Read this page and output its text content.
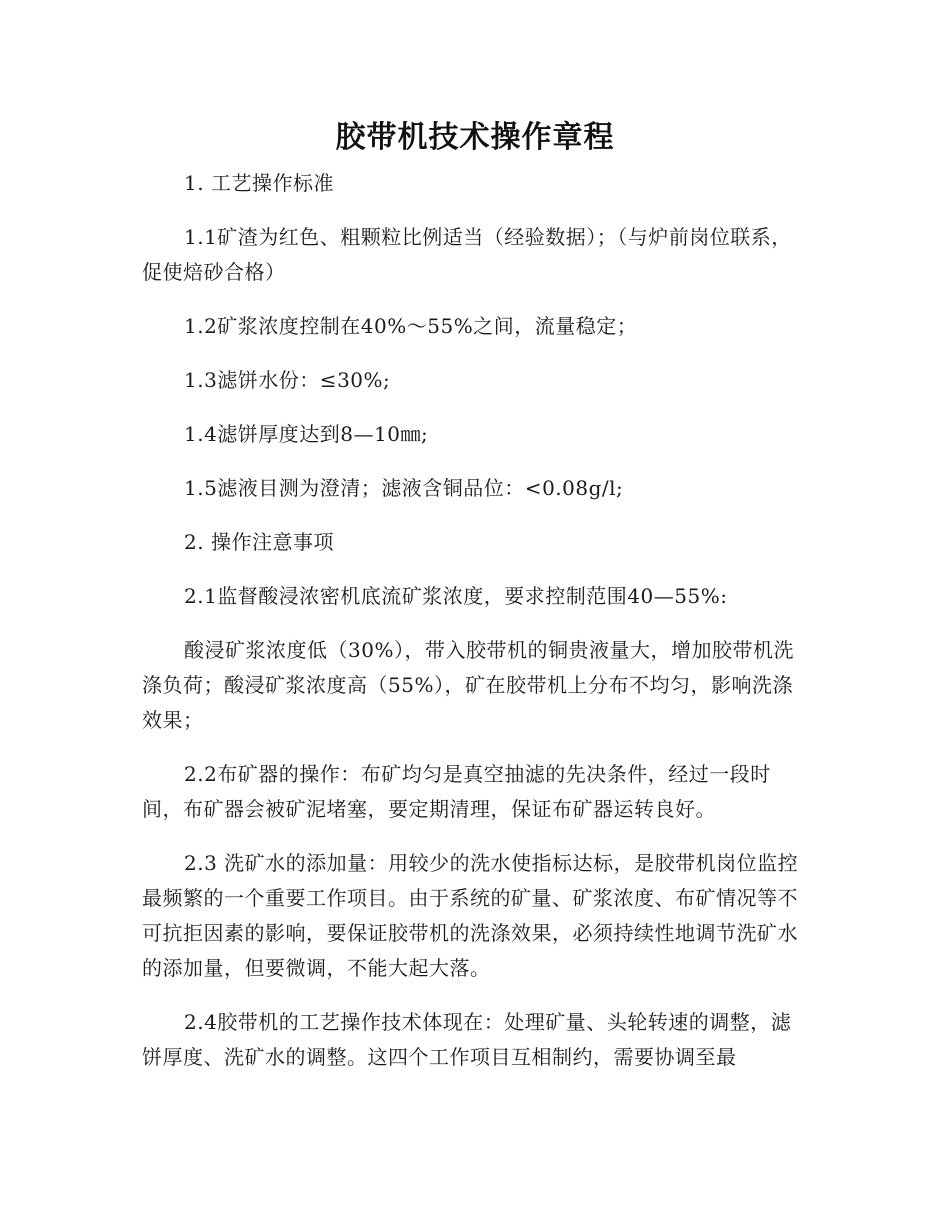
胶带机技术操作章程

1. 工艺操作标准

1.1矿渣为红色、粗颗粒比例适当（经验数据）；（与炉前岗位联系，促使焙砂合格）

1.2矿浆浓度控制在40%～55%之间，流量稳定；

1.3滤饼水份：≤30%;

1.4滤饼厚度达到8—10㎜;

1.5滤液目测为澄清；滤液含铜品位：<0.08g/l;

2. 操作注意事项

2.1监督酸浸浓密机底流矿浆浓度，要求控制范围40—55%:

酸浸矿浆浓度低（30%），带入胶带机的铜贵液量大，增加胶带机洗涤负荷；酸浸矿浆浓度高（55%），矿在胶带机上分布不均匀，影响洗涤效果；

2.2布矿器的操作：布矿均匀是真空抽滤的先决条件，经过一段时间，布矿器会被矿泥堵塞，要定期清理，保证布矿器运转良好。

2.3 洗矿水的添加量：用较少的洗水使指标达标，是胶带机岗位监控最频繁的一个重要工作项目。由于系统的矿量、矿浆浓度、布矿情况等不可抗拒因素的影响，要保证胶带机的洗涤效果，必须持续性地调节洗矿水的添加量，但要微调，不能大起大落。

2.4胶带机的工艺操作技术体现在：处理矿量、头轮转速的调整，滤饼厚度、洗矿水的调整。这四个工作项目互相制约，需要协调至最
